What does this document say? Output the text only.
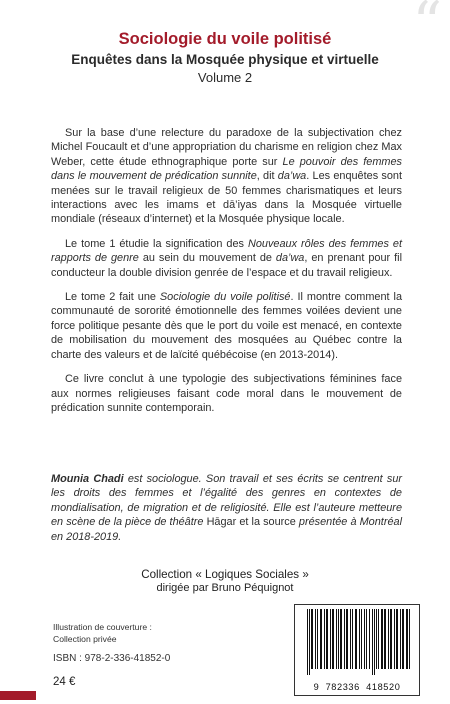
“
Sociologie du voile politisé
Enquêtes dans la Mosquée physique et virtuelle
Volume 2

Sur la base d’une relecture du paradoxe de la subjectivation chez Michel Foucault et d’une appropriation du charisme en religion chez Max Weber, cette étude ethnographique porte sur Le pouvoir des femmes dans le mouvement de prédication sunnite, dit da’wa. Les enquêtes sont menées sur le travail religieux de 50 femmes charismatiques et leurs interactions avec les imams et dā’iyas dans la Mosquée virtuelle mondiale (réseaux d’internet) et la Mosquée physique locale.

Le tome 1 étudie la signification des Nouveaux rôles des femmes et rapports de genre au sein du mouvement de da’wa, en prenant pour fil conducteur la double division genrée de l’espace et du travail religieux.

Le tome 2 fait une Sociologie du voile politisé. Il montre comment la communauté de sororité émotionnelle des femmes voilées devient une force politique pesante dès que le port du voile est menacé, en contexte de mobilisation du mouvement des mosquées au Québec contre la charte des valeurs et de laïcité québécoise (en 2013-2014).

Ce livre conclut à une typologie des subjectivations féminines face aux normes religieuses faisant code moral dans le mouvement de prédication sunnite contemporain.

Mounia Chadi est sociologue. Son travail et ses écrits se centrent sur les droits des femmes et l’égalité des genres en contextes de mondialisation, de migration et de religiosité. Elle est l’auteure metteure en scène de la pièce de théâtre Hāgar et la source présentée à Montréal en 2018-2019.
Collection « Logiques Sociales »
dirigée par Bruno Péquignot
Illustration de couverture :
Collection privée
ISBN : 978-2-336-41852-0
24 €	9 782336 418520
